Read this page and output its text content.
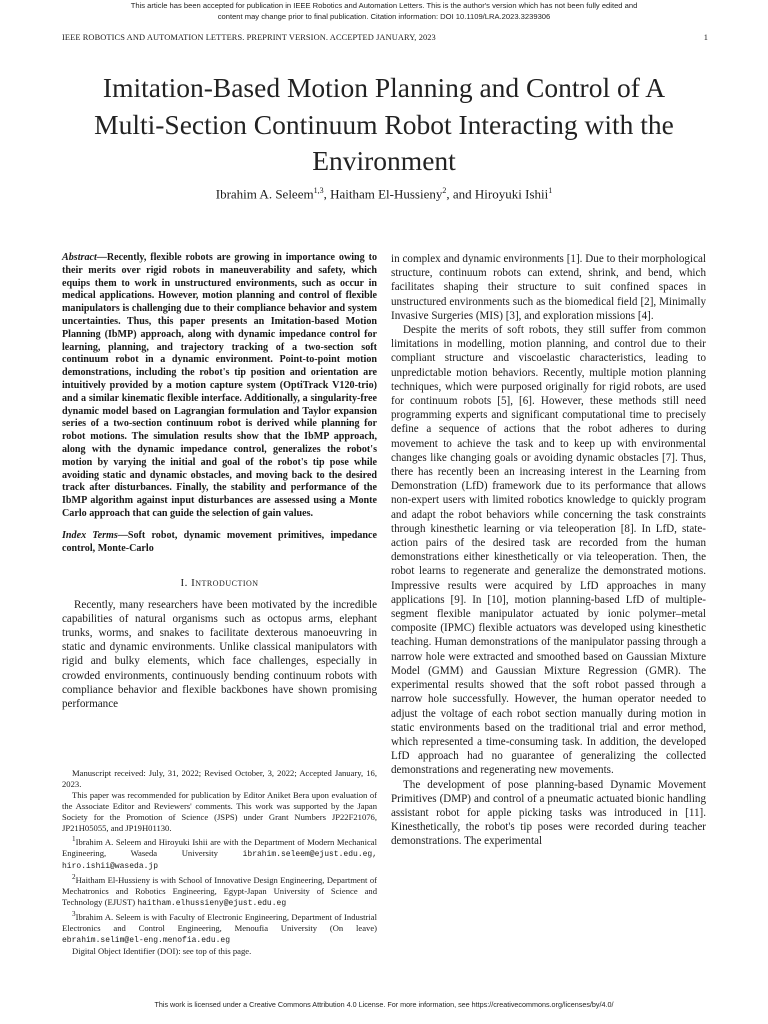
This article has been accepted for publication in IEEE Robotics and Automation Letters. This is the author's version which has not been fully edited and
content may change prior to final publication. Citation information: DOI 10.1109/LRA.2023.3239306
IEEE ROBOTICS AND AUTOMATION LETTERS. PREPRINT VERSION. ACCEPTED JANUARY, 2023	1
Imitation-Based Motion Planning and Control of A
Multi-Section Continuum Robot Interacting with the
Environment
Ibrahim A. Seleem$^{1,3}$, Haitham El-Hussieny$^2$, and Hiroyuki Ishii$^1$
Abstract—Recently, flexible robots are growing in importance owing to their merits over rigid robots in maneuverability and safety, which equips them to work in unstructured environments, such as occur in medical applications. However, motion planning and control of flexible manipulators is challenging due to their compliance behavior and system uncertainties. Thus, this paper presents an Imitation-based Motion Planning (IbMP) approach, along with dynamic impedance control for learning, planning, and trajectory tracking of a two-section soft continuum robot in a dynamic environment. Point-to-point motion demonstrations, including the robot's tip position and orientation are intuitively provided by a motion capture system (OptiTrack V120-trio) and a similar kinematic flexible interface. Additionally, a singularity-free dynamic model based on Lagrangian formulation and Taylor expansion series of a two-section continuum robot is derived while planning for robot motions. The simulation results show that the IbMP approach, along with the dynamic impedance control, generalizes the robot's motion by varying the initial and goal of the robot's tip pose while avoiding static and dynamic obstacles, and moving back to the desired track after disturbances. Finally, the stability and performance of the IbMP algorithm against input disturbances are assessed using a Monte Carlo approach that can guide the selection of gain values.
Index Terms—Soft robot, dynamic movement primitives, impedance control, Monte-Carlo
I. Introduction

Recently, many researchers have been motivated by the incredible capabilities of natural organisms such as octopus arms, elephant trunks, worms, and snakes to facilitate dexterous manoeuvring in static and dynamic environments. Unlike classical manipulators with rigid and bulky elements, which face challenges, especially in crowded environments, continuously bending continuum robots with compliance behavior and flexible backbones have shown promising performance

Manuscript received: July, 31, 2022; Revised October, 3, 2022; Accepted January, 16, 2023.

This paper was recommended for publication by Editor Aniket Bera upon evaluation of the Associate Editor and Reviewers' comments. This work was supported by the Japan Society for the Promotion of Science (JSPS) under Grant Numbers JP22F21076, JP21H05055, and JP19H01130.

$^1$Ibrahim A. Seleem and Hiroyuki Ishii are with the Department of Modern Mechanical Engineering, Waseda University	ibrahim.seleem@ejust.edu.eg, hiro.ishii@waseda.jp

$^2$Haitham El-Hussieny is with School of Innovative Design Engineering, Department of Mechatronics and Robotics Engineering, Egypt-Japan University of Science and Technology (EJUST) haitham.elhussieny@ejust.edu.eg

$^3$Ibrahim A. Seleem is with Faculty of Electronic Engineering, Department of Industrial Electronics and Control Engineering, Menoufia University (On leave) ebrahim.selim@el-eng.menofia.edu.eg

Digital Object Identifier (DOI): see top of this page.

in complex and dynamic environments [1]. Due to their morphological structure, continuum robots can extend, shrink, and bend, which facilitates shaping their structure to suit confined spaces in unstructured environments such as the biomedical field [2], Minimally Invasive Surgeries (MIS) [3], and exploration missions [4].

Despite the merits of soft robots, they still suffer from common limitations in modelling, motion planning, and control due to their compliant structure and viscoelastic characteristics, leading to unpredictable motion behaviors. Recently, multiple motion planning techniques, which were purposed originally for rigid robots, are used for continuum robots [5], [6]. However, these methods still need programming experts and significant computational time to precisely define a sequence of actions that the robot adheres to during movement to achieve the task and to keep up with environmental changes like changing goals or avoiding dynamic obstacles [7]. Thus, there has recently been an increasing interest in the Learning from Demonstration (LfD) framework due to its performance that allows non-expert users with limited robotics knowledge to quickly program and adapt the robot behaviors while concerning the task constraints through kinesthetic learning or via teleoperation [8]. In LfD, state-action pairs of the desired task are recorded from the human demonstrations either kinesthetically or via teleoperation. Then, the robot learns to regenerate and generalize the demonstrated motions. Impressive results were acquired by LfD approaches in many applications [9]. In [10], motion planning-based LfD of multiple-segment flexible manipulator actuated by ionic polymer–metal composite (IPMC) flexible actuators was developed using kinesthetic teaching. Human demonstrations of the manipulator passing through a narrow hole were extracted and smoothed based on Gaussian Mixture Model (GMM) and Gaussian Mixture Regression (GMR). The experimental results showed that the soft robot passed through a narrow hole successfully. However, the human operator needed to adjust the voltage of each robot section manually during motion in static environments based on the traditional trial and error method, which represented a time-consuming task. In addition, the developed LfD approach had no guarantee of generalizing the collected demonstrations and regenerating new movements.

The development of pose planning-based Dynamic Movement Primitives (DMP) and control of a pneumatic actuated bionic handling assistant robot for apple picking tasks was introduced in [11]. Kinesthetically, the robot's tip poses were recorded during teacher demonstrations. The experimental

This work is licensed under a Creative Commons Attribution 4.0 License. For more information, see https://creativecommons.org/licenses/by/4.0/
